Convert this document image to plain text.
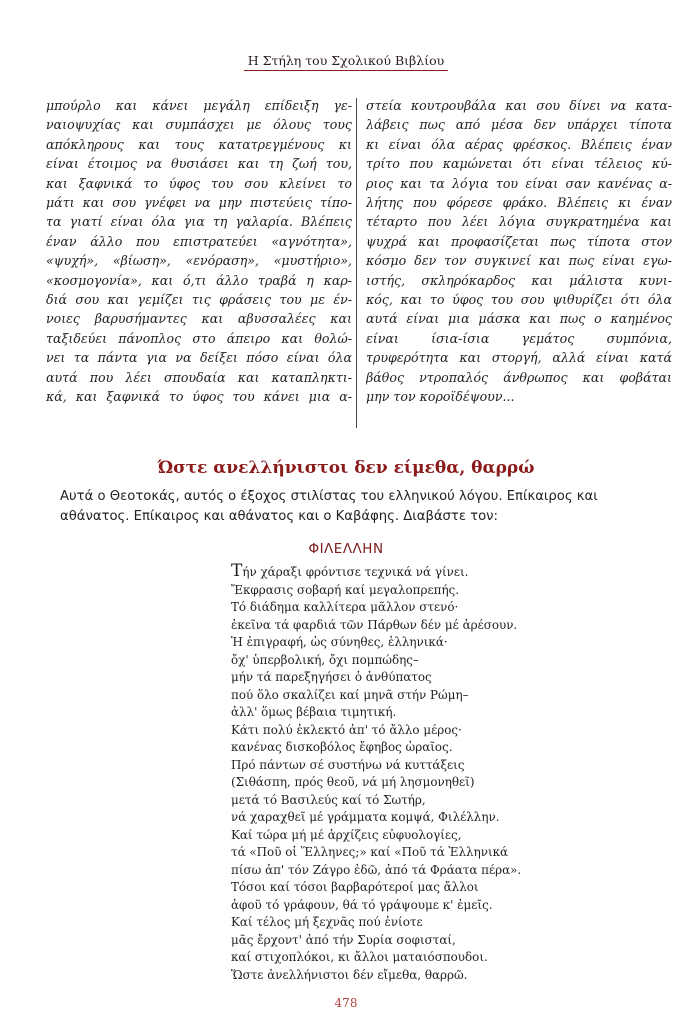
Η Στήλη του Σχολικού Βιβλίου
μπούρλο και κάνει μεγάλη επίδειξη γε-
ναιοψυχίας και συμπάσχει με όλους τους
απόκληρους και τους κατατρεγμένους κι
είναι έτοιμος να θυσιάσει και τη ζωή του,
και ξαφνικά το ύφος του σου κλείνει το
μάτι και σου γνέφει να μην πιστεύεις τίπο-
τα γιατί είναι όλα για τη γαλαρία. Βλέπεις
έναν άλλο που επιστρατεύει «αγνότητα»,
«ψυχή», «βίωση», «ενόραση», «μυστήριο»,
«κοσμογονία», και ό,τι άλλο τραβά η καρ-
διά σου και γεμίζει τις φράσεις του με έν-
νοιες βαρυσήμαντες και αβυσσαλέες και
ταξιδεύει πάνοπλος στο άπειρο και θολώ-
νει τα πάντα για να δείξει πόσο είναι όλα
αυτά που λέει σπουδαία και καταπληκτι-
κά, και ξαφνικά το ύφος του κάνει μια α-
στεία κουτρουβάλα και σου δίνει να κατα-
λάβεις πως από μέσα δεν υπάρχει τίποτα
κι είναι όλα αέρας φρέσκος. Βλέπεις έναν
τρίτο που καμώνεται ότι είναι τέλειος κύ-
ριος και τα λόγια του είναι σαν κανένας α-
λήτης που φόρεσε φράκο. Βλέπεις κι έναν
τέταρτο που λέει λόγια συγκρατημένα και
ψυχρά και προφασίζεται πως τίποτα στον
κόσμο δεν τον συγκινεί και πως είναι εγω-
ιστής, σκληρόκαρδος και μάλιστα κυνι-
κός, και το ύφος του σου ψιθυρίζει ότι όλα
αυτά είναι μια μάσκα και πως ο καημένος
είναι ίσια-ίσια γεμάτος συμπόνια,
τρυφερότητα και στοργή, αλλά είναι κατά
βάθος ντροπαλός άνθρωπος και φοβάται
μην τον κοροϊδέψουν...
Ώστε ανελλήνιστοι δεν είμεθα, θαρρώ
Αυτά ο Θεοτοκάς, αυτός ο έξοχος στιλίστας του ελληνικού λόγου. Επίκαιρος και
αθάνατος. Επίκαιρος και αθάνατος και ο Καβάφης. Διαβάστε τον:
ΦΙΛΕΛΛΗΝ
Τήν χάραξι φρόντισε τεχνικά νά γίνει.
Ἔκφρασις σοβαρή καί μεγαλοπρεπής.
Τό διάδημα καλλίτερα μᾶλλον στενό·
ἐκεῖνα τά φαρδιά τῶν Πάρθων δέν μέ ἀρέσουν.
Ἡ ἐπιγραφή, ὡς σύνηθες, ἑλληνικά·
ὄχ' ὑπερβολική, ὄχι πομπώδης–
μήν τά παρεξηγήσει ὁ ἀνθύπατος
πού ὅλο σκαλίζει καί μηνᾶ στήν Ρώμη–
ἀλλ' ὅμως βέβαια τιμητική.
Κάτι πολύ ἐκλεκτό ἀπ' τό ἄλλο μέρος·
κανένας δισκοβόλος ἔφηβος ὡραῖος.
Πρό πάντων σέ συστήνω νά κυττάξεις
(Σιθάσπη, πρός θεοῦ, νά μή λησμονηθεῖ)
μετά τό Βασιλεύς καί τό Σωτήρ,
νά χαραχθεῖ μέ γράμματα κομψά, Φιλέλλην.
Καί τώρα μή μέ ἀρχίζεις εὐφυολογίες,
τά «Ποῦ οἱ Ἕλληνες;» καί «Ποῦ τά Ἑλληνικά
πίσω ἀπ' τόν Ζάγρο ἐδῶ, ἀπό τά Φράατα πέρα».
Τόσοι καί τόσοι βαρβαρότεροί μας ἄλλοι
ἀφοῦ τό γράφουν, θά τό γράψουμε κ' ἐμεῖς.
Καί τέλος μή ξεχνᾶς πού ἐνίοτε
μᾶς ἔρχοντ' ἀπό τήν Συρία σοφισταί,
καί στιχοπλόκοι, κι ἄλλοι ματαιόσπουδοι.
Ὥστε ἀνελλήνιστοι δέν εἴμεθα, θαρρῶ.
478
